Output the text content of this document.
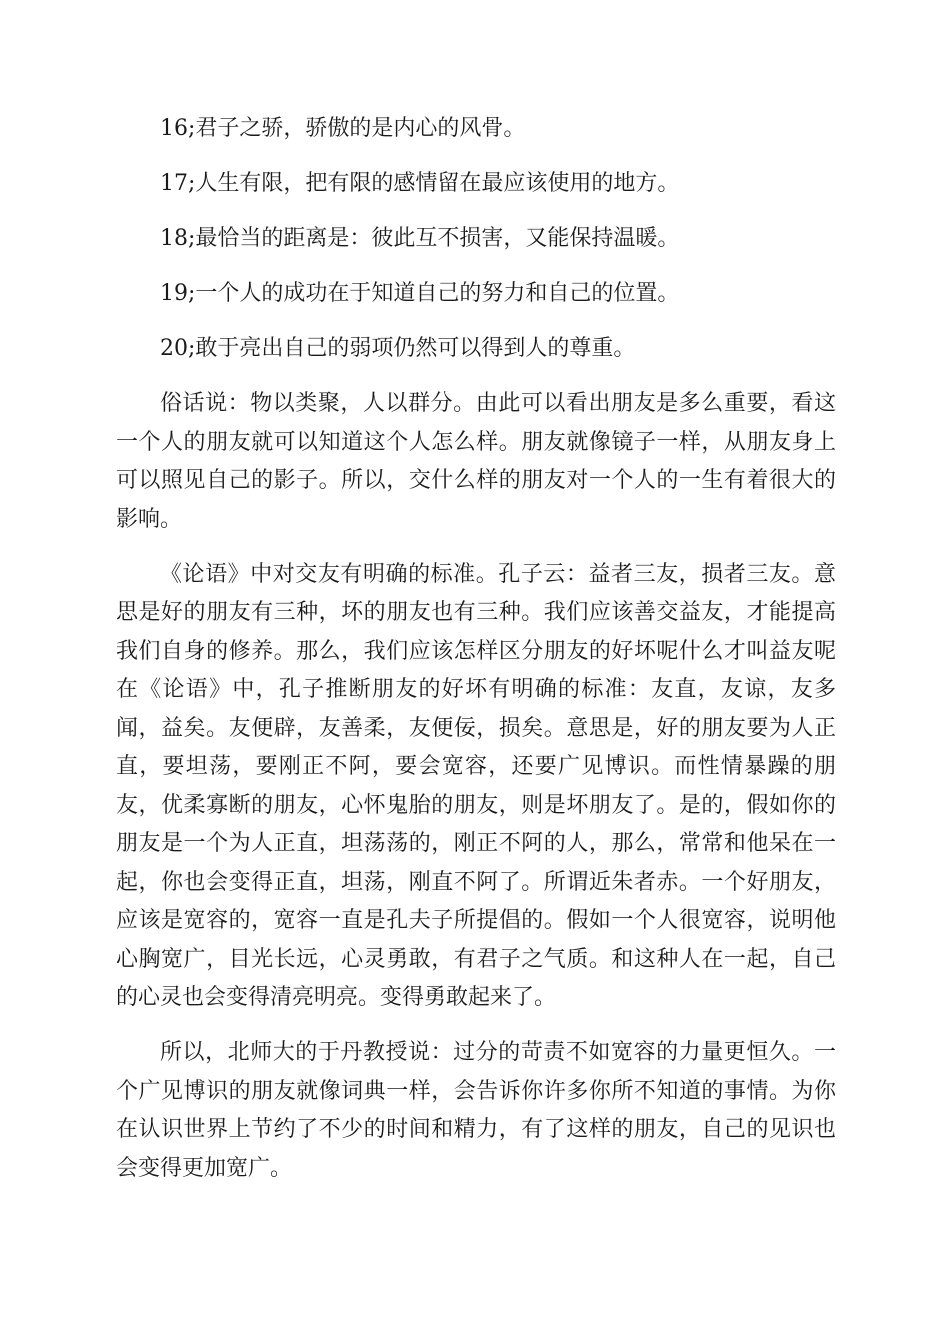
16;君子之骄，骄傲的是内心的风骨。

17;人生有限，把有限的感情留在最应该使用的地方。

18;最恰当的距离是：彼此互不损害，又能保持温暖。

19;一个人的成功在于知道自己的努力和自己的位置。

20;敢于亮出自己的弱项仍然可以得到人的尊重。

俗话说：物以类聚，人以群分。由此可以看出朋友是多么重要，看这一个人的朋友就可以知道这个人怎么样。朋友就像镜子一样，从朋友身上可以照见自己的影子。所以，交什么样的朋友对一个人的一生有着很大的影响。

《论语》中对交友有明确的标准。孔子云：益者三友，损者三友。意思是好的朋友有三种，坏的朋友也有三种。我们应该善交益友，才能提高我们自身的修养。那么，我们应该怎样区分朋友的好坏呢什么才叫益友呢在《论语》中，孔子推断朋友的好坏有明确的标准：友直，友谅，友多闻，益矣。友便辟，友善柔，友便佞，损矣。意思是，好的朋友要为人正直，要坦荡，要刚正不阿，要会宽容，还要广见博识。而性情暴躁的朋友，优柔寡断的朋友，心怀鬼胎的朋友，则是坏朋友了。是的，假如你的朋友是一个为人正直，坦荡荡的，刚正不阿的人，那么，常常和他呆在一起，你也会变得正直，坦荡，刚直不阿了。所谓近朱者赤。一个好朋友，应该是宽容的，宽容一直是孔夫子所提倡的。假如一个人很宽容，说明他心胸宽广，目光长远，心灵勇敢，有君子之气质。和这种人在一起，自己的心灵也会变得清亮明亮。变得勇敢起来了。

所以，北师大的于丹教授说：过分的苛责不如宽容的力量更恒久。一个广见博识的朋友就像词典一样，会告诉你许多你所不知道的事情。为你在认识世界上节约了不少的时间和精力，有了这样的朋友，自己的见识也会变得更加宽广。
